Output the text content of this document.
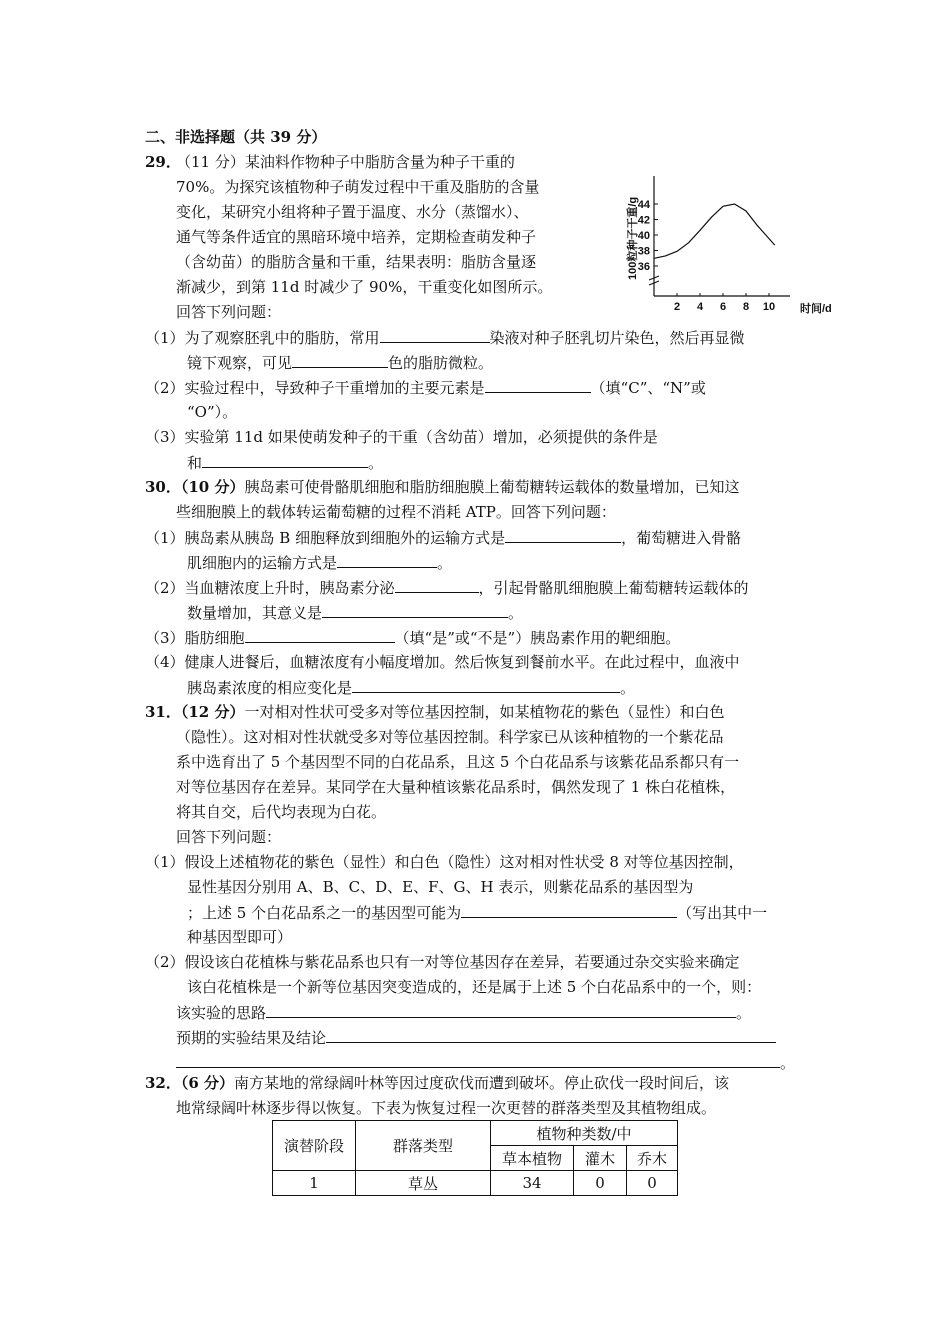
二、非选择题（共 39 分）
29．
（11 分）某油料作物种子中脂肪含量为种子干重的
70%。为探究该植物种子萌发过程中干重及脂肪的含量
变化，某研究小组将种子置于温度、水分（蒸馏水）、
通气等条件适宜的黑暗环境中培养，定期检查萌发种子
（含幼苗）的脂肪含量和干重，结果表明：脂肪含量逐
渐减少，到第 11d 时减少了 90%，干重变化如图所示。
回答下列问题：
100粒种子干重/g
36
38
40
42
44
2 4 6 8 10 时间/d
（1）为了观察胚乳中的脂肪，常用	染液对种子胚乳切片染色，然后再显微
镜下观察，可见	色的脂肪微粒。
（2）实验过程中，导致种子干重增加的主要元素是	（填“C”、“N”或
“O”）。
（3）实验第 11d 如果使萌发种子的干重（含幼苗）增加，必须提供的条件是
和	。
30．（10 分）胰岛素可使骨骼肌细胞和脂肪细胞膜上葡萄糖转运载体的数量增加，已知这
些细胞膜上的载体转运葡萄糖的过程不消耗 ATP。回答下列问题：
（1）胰岛素从胰岛 B 细胞释放到细胞外的运输方式是	，葡萄糖进入骨骼
肌细胞内的运输方式是	。
（2）当血糖浓度上升时，胰岛素分泌	，引起骨骼肌细胞膜上葡萄糖转运载体的
数量增加，其意义是	。
（3）脂肪细胞	（填“是”或“不是”）胰岛素作用的靶细胞。
（4）健康人进餐后，血糖浓度有小幅度增加。然后恢复到餐前水平。在此过程中，血液中
胰岛素浓度的相应变化是	。
31．（12 分）一对相对性状可受多对等位基因控制，如某植物花的紫色（显性）和白色
（隐性）。这对相对性状就受多对等位基因控制。科学家已从该种植物的一个紫花品
系中选育出了 5 个基因型不同的白花品系，且这 5 个白花品系与该紫花品系都只有一
对等位基因存在差异。某同学在大量种植该紫花品系时，偶然发现了 1 株白花植株，
将其自交，后代均表现为白花。
回答下列问题：
（1）假设上述植物花的紫色（显性）和白色（隐性）这对相对性状受 8 对等位基因控制，
显性基因分别用 A、B、C、D、E、F、G、H 表示，则紫花品系的基因型为
；上述 5 个白花品系之一的基因型可能为	（写出其中一
种基因型即可）
（2）假设该白花植株与紫花品系也只有一对等位基因存在差异，若要通过杂交实验来确定
该白花植株是一个新等位基因突变造成的，还是属于上述 5 个白花品系中的一个，则：
该实验的思路	。
预期的实验结果及结论
。
32．（6 分）南方某地的常绿阔叶林等因过度砍伐而遭到破坏。停止砍伐一段时间后，该
地常绿阔叶林逐步得以恢复。下表为恢复过程一次更替的群落类型及其植物组成。
演替阶段	群落类型	植物种类数/中		
		草本植物	灌木	乔木
1	草丛	34	0	0
